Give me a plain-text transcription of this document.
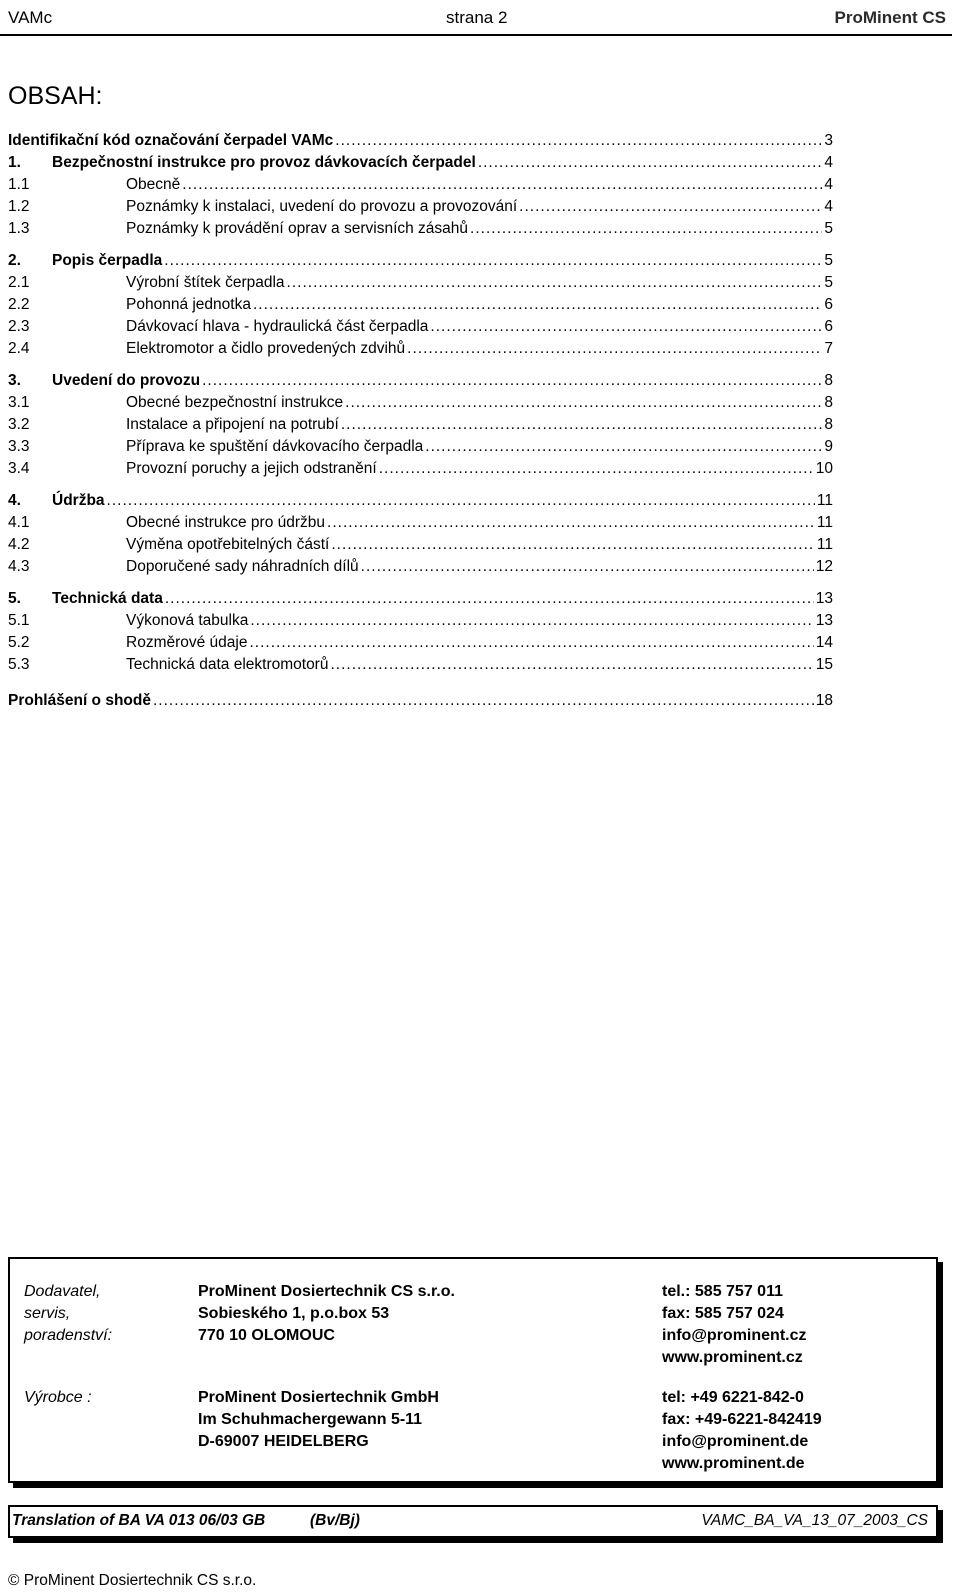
VAMc	strana 2	ProMinent CS
OBSAH:
Identifikační kód označování čerpadel VAMc .....	3
1.	Bezpečnostní instrukce pro provoz dávkovacích čerpadel .....	4
1.1	Obecně .....	4
1.2	Poznámky k instalaci, uvedení do provozu a provozování .....	4
1.3	Poznámky k provádění oprav a servisních zásahů .....	5
2.	Popis čerpadla .....	5
2.1	Výrobní štítek čerpadla .....	5
2.2	Pohonná jednotka .....	6
2.3	Dávkovací hlava - hydraulická část čerpadla .....	6
2.4	Elektromotor a čidlo provedených zdvihů .....	7
3.	Uvedení do provozu .....	8
3.1	Obecné bezpečnostní instrukce .....	8
3.2	Instalace a připojení na potrubí .....	8
3.3	Příprava ke spuštění dávkovacího čerpadla .....	9
3.4	Provozní poruchy a jejich odstranění .....	10
4.	Údržba .....	11
4.1	Obecné instrukce pro údržbu .....	11
4.2	Výměna opotřebitelných částí .....	11
4.3	Doporučené sady náhradních dílů .....	12
5.	Technická data .....	13
5.1	Výkonová tabulka .....	13
5.2	Rozměrové údaje .....	14
5.3	Technická data elektromotorů .....	15
Prohlášení o shodě .....	18
Dodavatel,	ProMinent Dosiertechnik CS s.r.o.	tel.: 585 757 011
servis,	Sobieského 1, p.o.box 53	fax: 585 757 024
poradenství:	770 10 OLOMOUC	info@prominent.cz
www.prominent.cz
Výrobce :	ProMinent Dosiertechnik GmbH	tel: +49 6221-842-0
Im Schuhmachergewann 5-11	fax: +49-6221-842419
D-69007 HEIDELBERG	info@prominent.de
www.prominent.de
Translation of BA VA 013 06/03 GB	(Bv/Bj)	VAMC_BA_VA_13_07_2003_CS
© ProMinent Dosiertechnik CS s.r.o.
